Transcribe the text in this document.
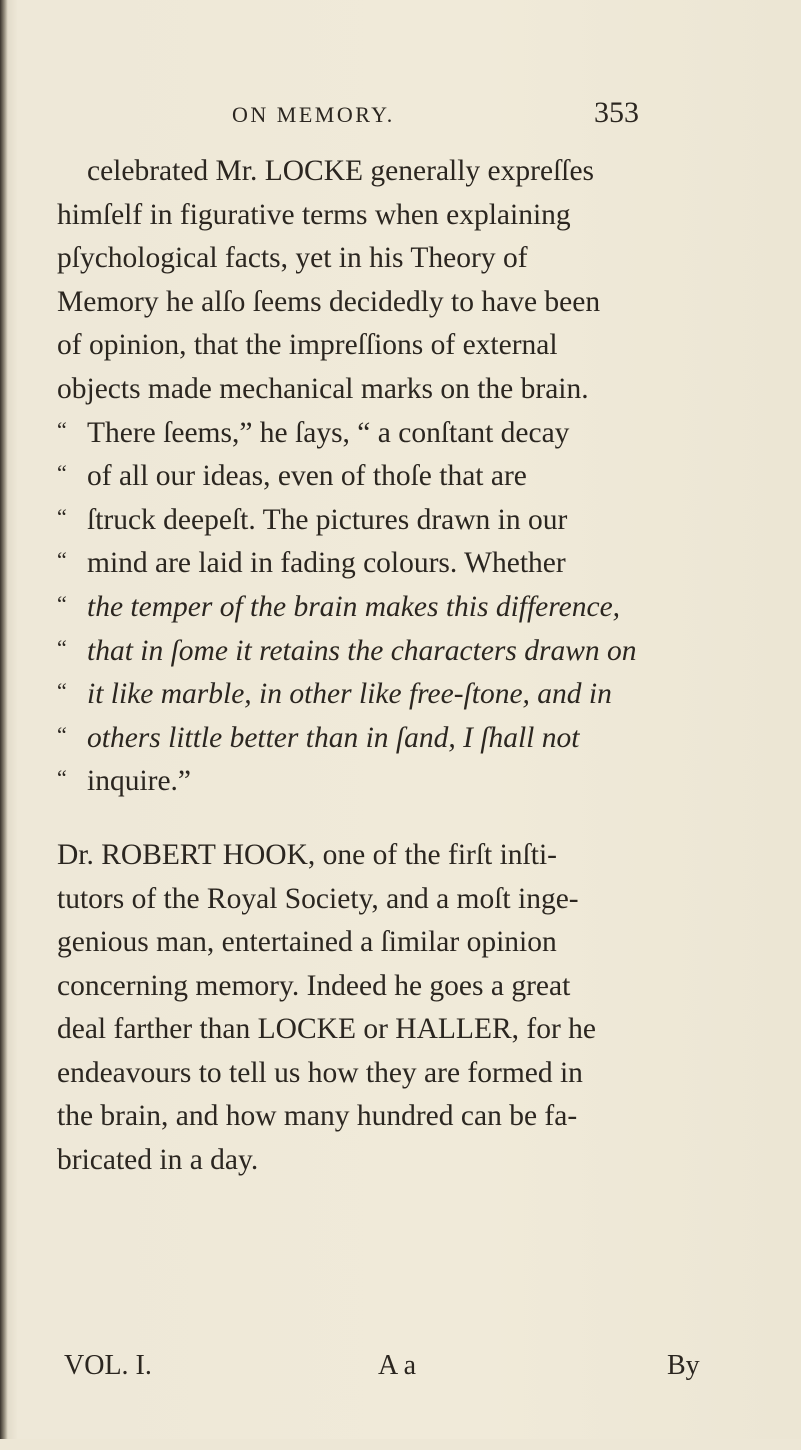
ON MEMORY.	353
celebrated Mr. LOCKE generally expreſſes
himſelf in figurative terms when explaining
pſychological facts, yet in his Theory of
Memory he alſo ſeems decidedly to have been
of opinion, that the impreſſions of external
objects made mechanical marks on the brain.
“ There ſeems,” he ſays, “ a conſtant decay
“ of all our ideas, even of thoſe that are
“ ſtruck deepeſt. The pictures drawn in our
“ mind are laid in fading colours. Whether
“ the temper of the brain makes this difference,
“ that in ſome it retains the characters drawn on
“ it like marble, in other like free-ſtone, and in
“ others little better than in ſand, I ſhall not
“ inquire.”
Dr. ROBERT HOOK, one of the firſt inſti-
tutors of the Royal Society, and a moſt inge-
genious man, entertained a ſimilar opinion
concerning memory. Indeed he goes a great
deal farther than LOCKE or HALLER, for he
endeavours to tell us how they are formed in
the brain, and how many hundred can be fa-
bricated in a day.
VOL. I.	A a	By
